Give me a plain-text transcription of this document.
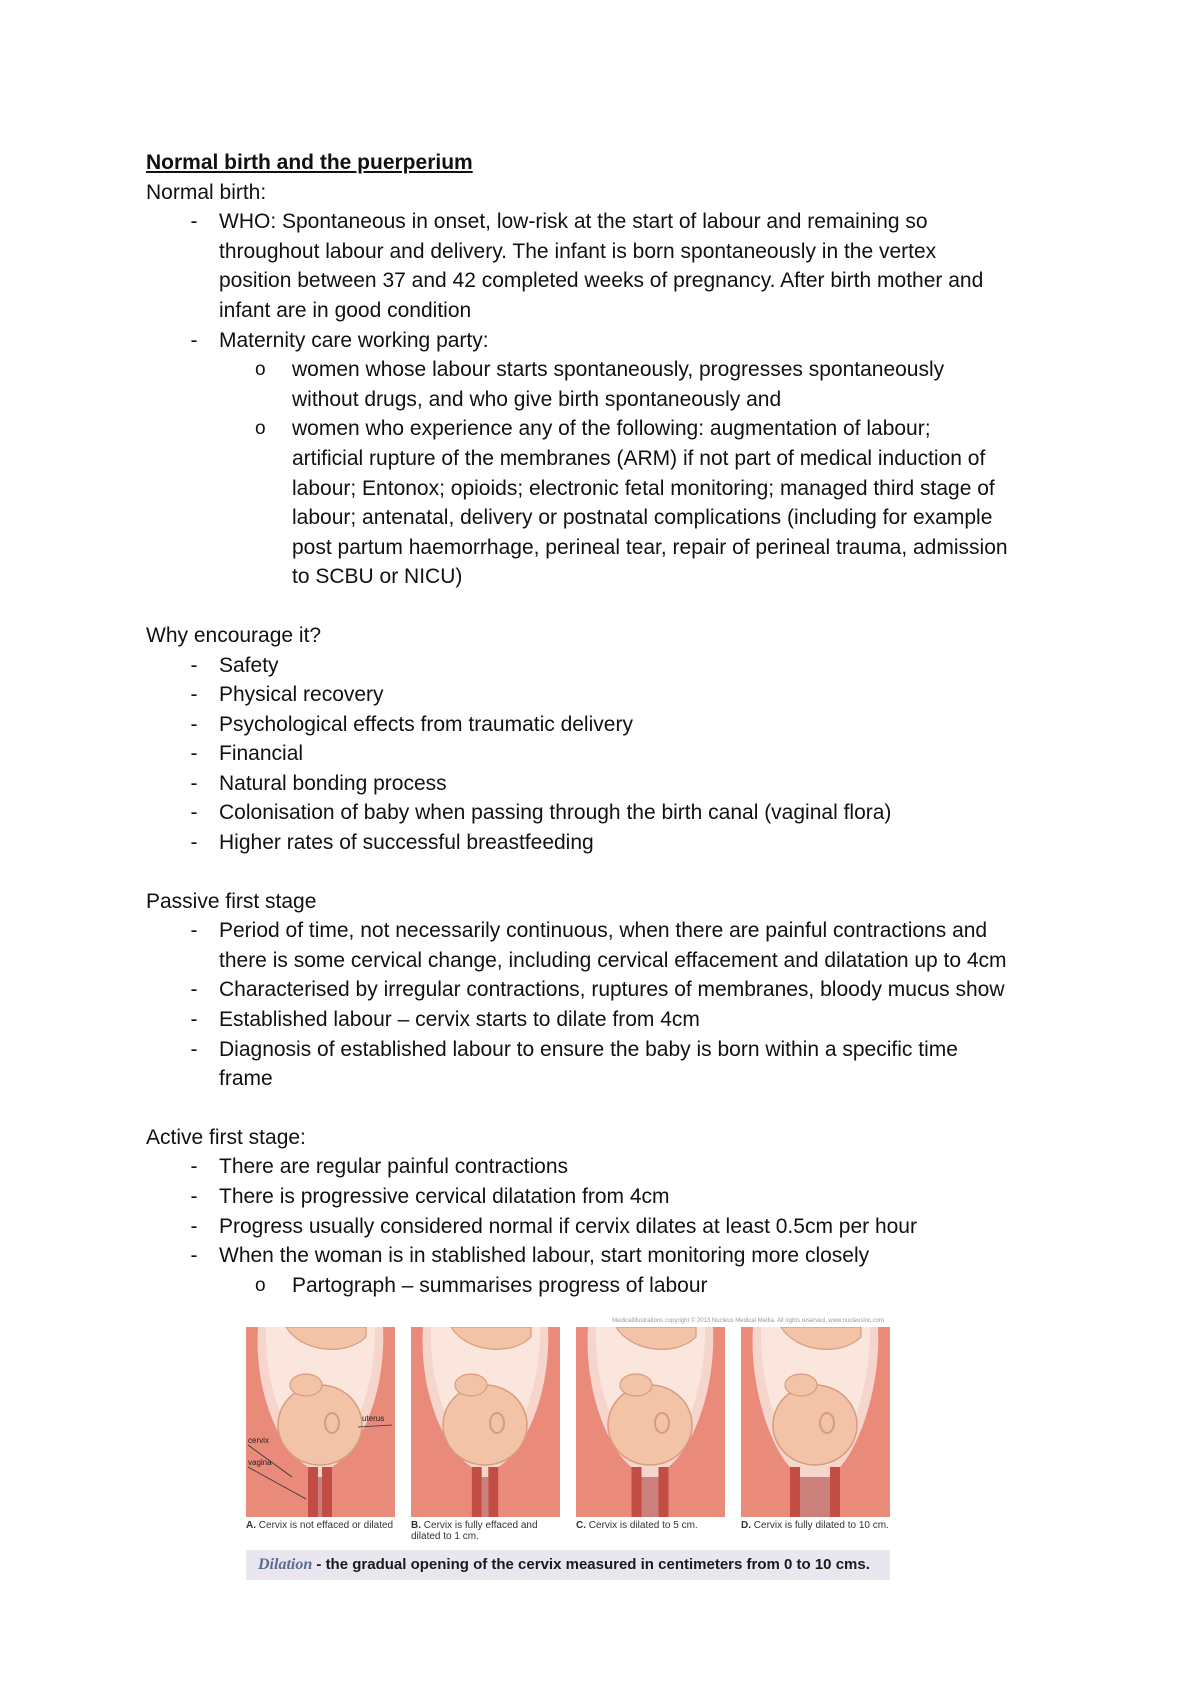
Normal birth and the puerperium

Normal birth:

-	WHO: Spontaneous in onset, low-risk at the start of labour and remaining so
throughout labour and delivery. The infant is born spontaneously in the vertex
position between 37 and 42 completed weeks of pregnancy. After birth mother and
infant are in good condition
-	Maternity care working party:
o women whose labour starts spontaneously, progresses spontaneously
without drugs, and who give birth spontaneously and
o women who experience any of the following: augmentation of labour;
artificial rupture of the membranes (ARM) if not part of medical induction of
labour; Entonox; opioids; electronic fetal monitoring; managed third stage of
labour; antenatal, delivery or postnatal complications (including for example
post partum haemorrhage, perineal tear, repair of perineal trauma, admission
to SCBU or NICU)

Why encourage it?

-	Safety
-	Physical recovery
-	Psychological effects from traumatic delivery
-	Financial
-	Natural bonding process
-	Colonisation of baby when passing through the birth canal (vaginal flora)
-	Higher rates of successful breastfeeding

Passive first stage

-	Period of time, not necessarily continuous, when there are painful contractions and
there is some cervical change, including cervical effacement and dilatation up to 4cm
-	Characterised by irregular contractions, ruptures of membranes, bloody mucus show
-	Established labour – cervix starts to dilate from 4cm
-	Diagnosis of established labour to ensure the baby is born within a specific time
frame

Active first stage:

-	There are regular painful contractions
-	There is progressive cervical dilatation from 4cm
-	Progress usually considered normal if cervix dilates at least 0.5cm per hour
-	When the woman is in stablished labour, start monitoring more closely
o Partograph – summarises progress of labour
MedicalIllustrations copyright © 2013 Nucleus Medical Media. All rights reserved. www.nucleusinc.com
cervix
vagina
uterus
A. Cervix is not effaced or dilated B. Cervix is fully effaced and dilated to 1 cm.
C. Cervix is dilated to 5 cm.	D. Cervix is fully dilated to 10 cm.
Dilation - the gradual opening of the cervix measured in centimeters from 0 to 10 cms.
